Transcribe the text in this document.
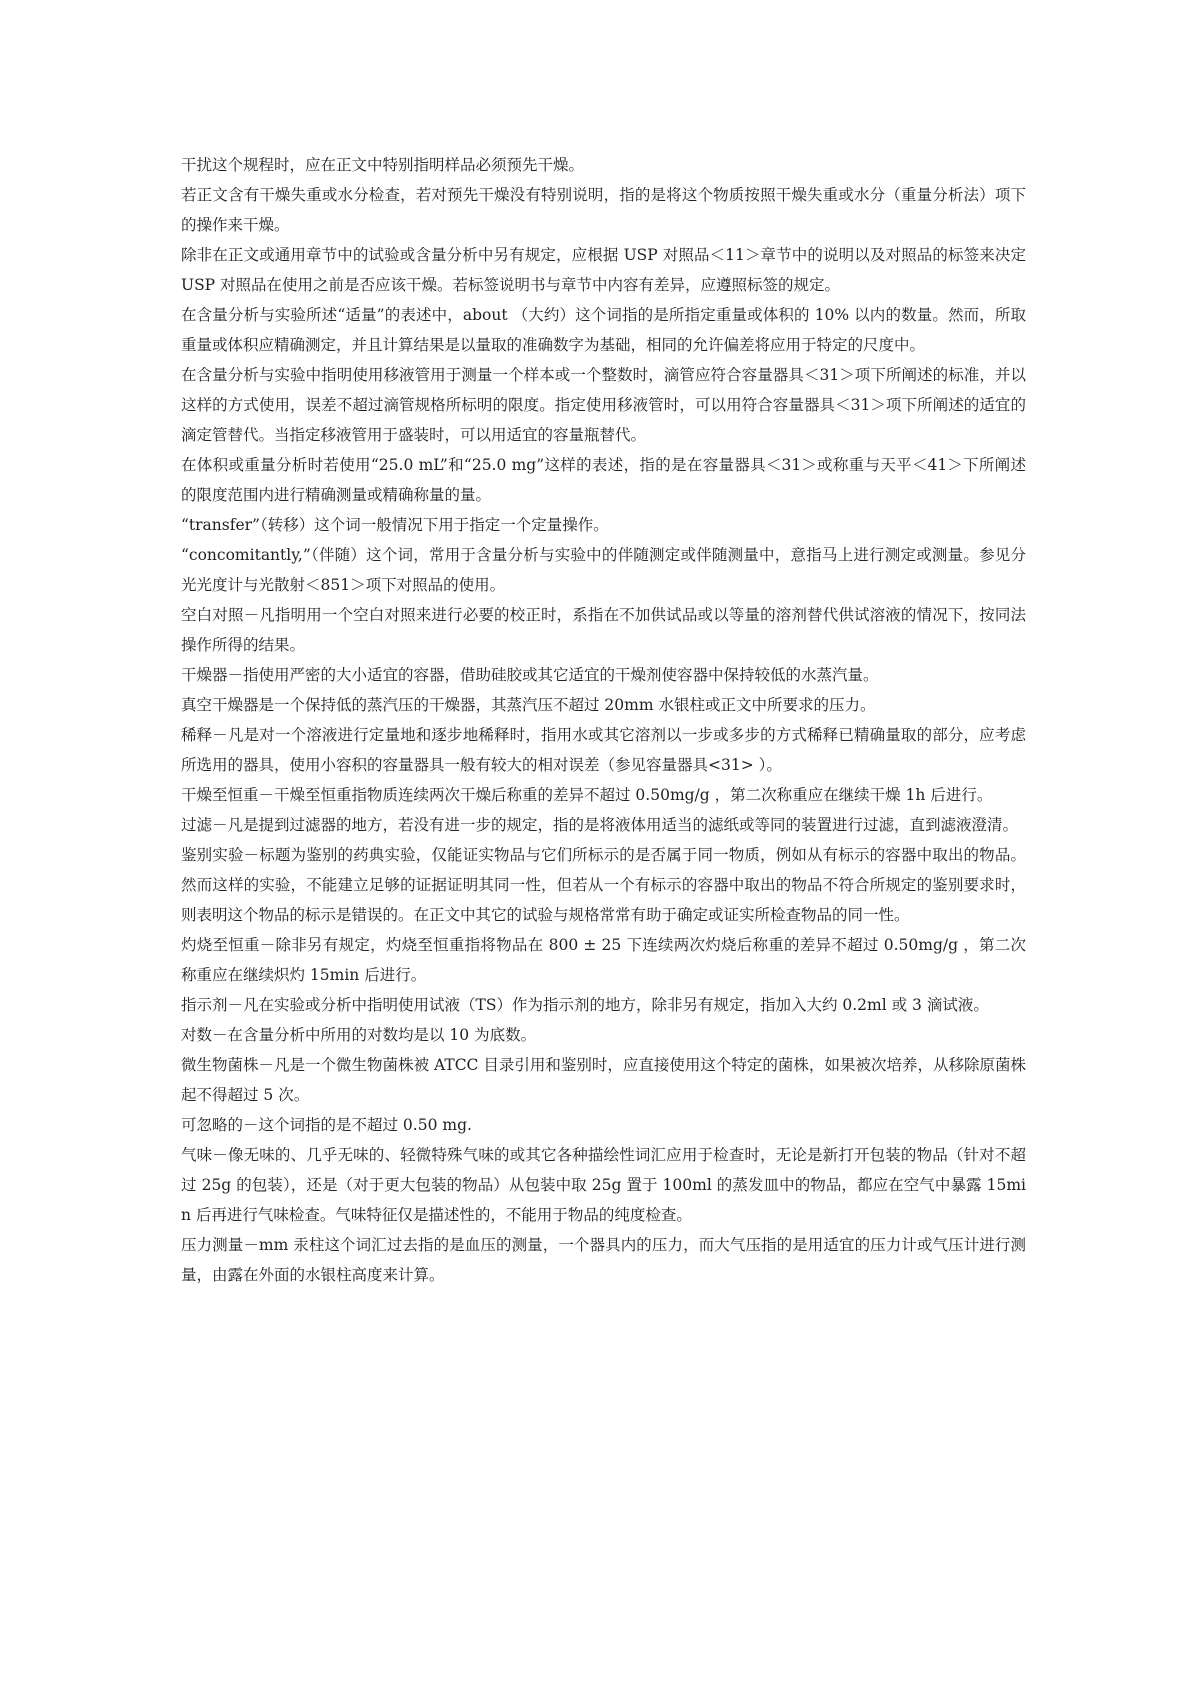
干扰这个规程时，应在正文中特别指明样品必须预先干燥。

若正文含有干燥失重或水分检查，若对预先干燥没有特别说明，指的是将这个物质按照干燥失重或水分（重量分析法）项下的操作来干燥。

除非在正文或通用章节中的试验或含量分析中另有规定，应根据 USP 对照品＜11＞章节中的说明以及对照品的标签来决定 USP 对照品在使用之前是否应该干燥。若标签说明书与章节中内容有差异，应遵照标签的规定。

在含量分析与实验所述“适量”的表述中，about （大约）这个词指的是所指定重量或体积的 10% 以内的数量。然而，所取重量或体积应精确测定，并且计算结果是以量取的准确数字为基础，相同的允许偏差将应用于特定的尺度中。

在含量分析与实验中指明使用移液管用于测量一个样本或一个整数时，滴管应符合容量器具＜31＞项下所阐述的标准，并以这样的方式使用，误差不超过滴管规格所标明的限度。指定使用移液管时，可以用符合容量器具＜31＞项下所阐述的适宜的滴定管替代。当指定移液管用于盛装时，可以用适宜的容量瓶替代。

在体积或重量分析时若使用“25.0 mL”和“25.0 mg”这样的表述，指的是在容量器具＜31＞或称重与天平＜41＞下所阐述的限度范围内进行精确测量或精确称量的量。

“transfer”（转移）这个词一般情况下用于指定一个定量操作。

“concomitantly,”（伴随）这个词，常用于含量分析与实验中的伴随测定或伴随测量中，意指马上进行测定或测量。参见分光光度计与光散射＜851＞项下对照品的使用。

空白对照－凡指明用一个空白对照来进行必要的校正时，系指在不加供试品或以等量的溶剂替代供试溶液的情况下，按同法操作所得的结果。

干燥器－指使用严密的大小适宜的容器，借助硅胶或其它适宜的干燥剂使容器中保持较低的水蒸汽量。

真空干燥器是一个保持低的蒸汽压的干燥器，其蒸汽压不超过 20mm 水银柱或正文中所要求的压力。

稀释－凡是对一个溶液进行定量地和逐步地稀释时，指用水或其它溶剂以一步或多步的方式稀释已精确量取的部分，应考虑所选用的器具，使用小容积的容量器具一般有较大的相对误差（参见容量器具<31> ）。

干燥至恒重－干燥至恒重指物质连续两次干燥后称重的差异不超过 0.50mg/g ，第二次称重应在继续干燥 1h 后进行。

过滤－凡是提到过滤器的地方，若没有进一步的规定，指的是将液体用适当的滤纸或等同的装置进行过滤，直到滤液澄清。

鉴别实验－标题为鉴别的药典实验，仅能证实物品与它们所标示的是否属于同一物质，例如从有标示的容器中取出的物品。 然而这样的实验，不能建立足够的证据证明其同一性，但若从一个有标示的容器中取出的物品不符合所规定的鉴别要求时，则表明这个物品的标示是错误的。在正文中其它的试验与规格常常有助于确定或证实所检查物品的同一性。

灼烧至恒重－除非另有规定，灼烧至恒重指将物品在 800 ± 25 下连续两次灼烧后称重的差异不超过 0.50mg/g ，第二次称重应在继续炽灼 15min 后进行。

指示剂－凡在实验或分析中指明使用试液（TS）作为指示剂的地方，除非另有规定，指加入大约 0.2ml 或 3 滴试液。

对数－在含量分析中所用的对数均是以 10 为底数。

微生物菌株－凡是一个微生物菌株被 ATCC 目录引用和鉴别时，应直接使用这个特定的菌株，如果被次培养，从移除原菌株起不得超过 5 次。

可忽略的－这个词指的是不超过 0.50 mg.

气味－像无味的、几乎无味的、轻微特殊气味的或其它各种描绘性词汇应用于检查时，无论是新打开包装的物品（针对不超过 25g 的包装），还是（对于更大包装的物品）从包装中取 25g 置于 100ml 的蒸发皿中的物品，都应在空气中暴露 15min 后再进行气味检查。气味特征仅是描述性的，不能用于物品的纯度检查。

压力测量－mm 汞柱这个词汇过去指的是血压的测量，一个器具内的压力，而大气压指的是用适宜的压力计或气压计进行测量，由露在外面的水银柱高度来计算。
